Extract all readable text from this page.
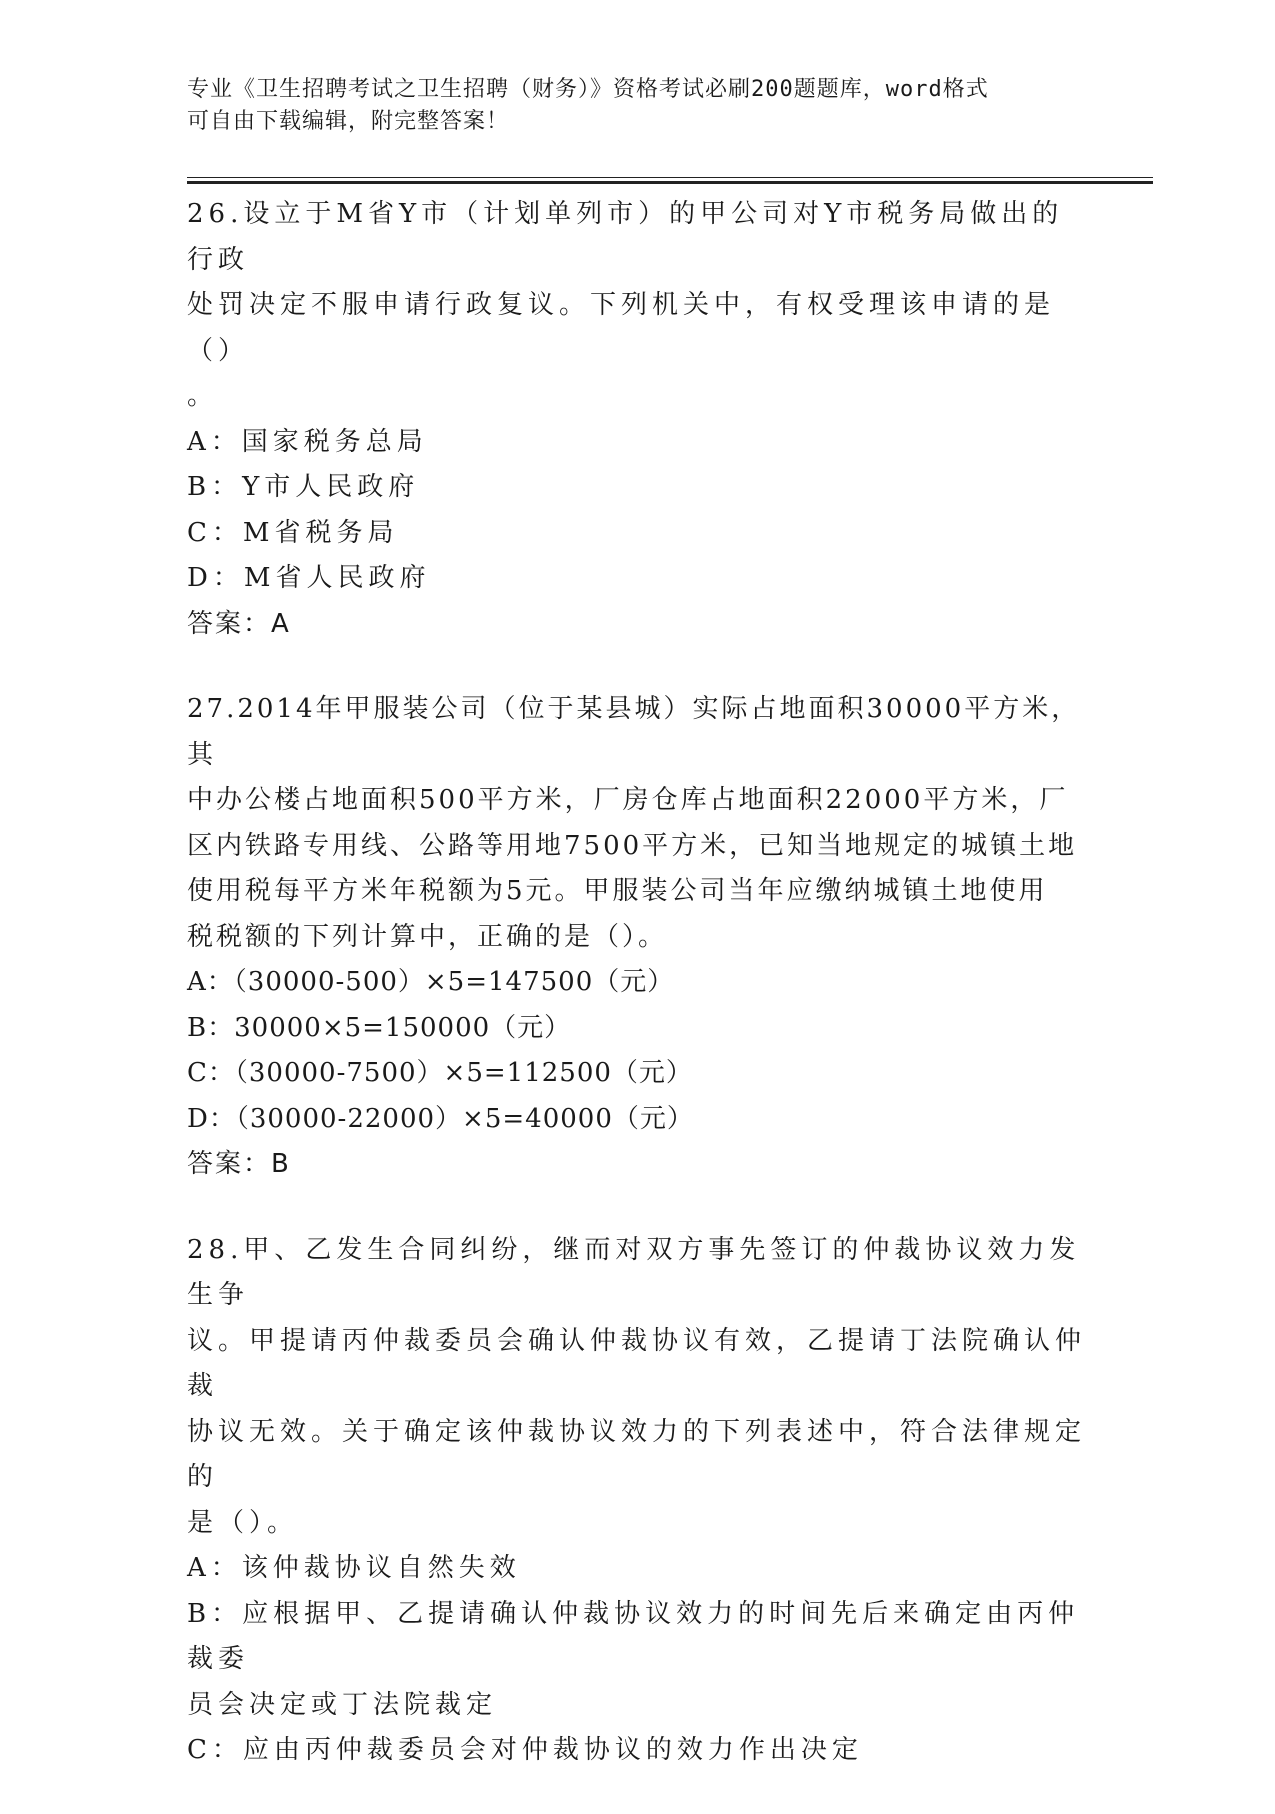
专业《卫生招聘考试之卫生招聘（财务）》资格考试必刷200题题库，word格式
可自由下载编辑，附完整答案！

26.设立于M省Y市（计划单列市）的甲公司对Y市税务局做出的行政

处罚决定不服申请行政复议。下列机关中，有权受理该申请的是（）

。

A：国家税务总局

B：Y市人民政府

C：M省税务局

D：M省人民政府

答案：A

27.2014年甲服装公司（位于某县城）实际占地面积30000平方米，其

中办公楼占地面积500平方米，厂房仓库占地面积22000平方米，厂

区内铁路专用线、公路等用地7500平方米，已知当地规定的城镇土地

使用税每平方米年税额为5元。甲服装公司当年应缴纳城镇土地使用

税税额的下列计算中，正确的是（）。

A：（30000-500）×5=147500（元）

B：30000×5=150000（元）

C：（30000-7500）×5=112500（元）

D：（30000-22000）×5=40000（元）

答案：B

28.甲、乙发生合同纠纷，继而对双方事先签订的仲裁协议效力发生争

议。甲提请丙仲裁委员会确认仲裁协议有效，乙提请丁法院确认仲裁

协议无效。关于确定该仲裁协议效力的下列表述中，符合法律规定的

是（）。

A：该仲裁协议自然失效

B：应根据甲、乙提请确认仲裁协议效力的时间先后来确定由丙仲裁委

员会决定或丁法院裁定

C：应由丙仲裁委员会对仲裁协议的效力作出决定
